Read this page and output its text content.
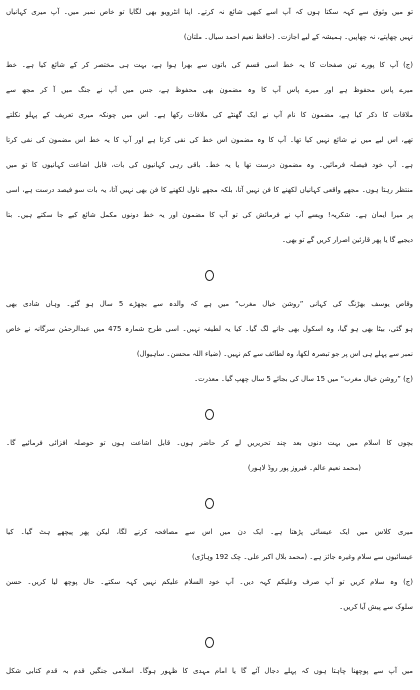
تو میں وثوق سے کہہ سکتا ہوں کہ آپ اسے کبھی شائع نہ کرتے۔ اپنا انٹرویو بھی لگایا تو خاص نمبر میں۔ آپ میری کہانیاں
نہیں چھاپتے، نہ چھاپیں۔ ہمیشہ کے لیے اجازت۔ (حافظ نعیم احمد سیال۔ ملتان)
(ج) آپ کا پورے تین صفحات کا یہ خط اسی قسم کی باتوں سے بھرا ہوا ہے، بہت ہی مختصر کر کے شائع کیا ہے۔ خط
میرے پاس محفوظ ہے اور میرے پاس آپ کا وہ مضمون بھی محفوظ ہے، جس میں آپ نے جنگ میں آ کر مجھ سے
ملاقات کا ذکر کیا ہے، مضمون کا نام آپ نے ایک گھنٹے کی ملاقات رکھا ہے۔ اس میں چونکہ میری تعریف کے پہلو نکلتے
تھے، اس لیے میں نے شائع نہیں کیا تھا۔ آپ کا وہ مضمون اس خط کی نفی کرتا ہے اور آپ کا یہ خط اس مضمون کی نفی کرتا
ہے۔ آپ خود فیصلہ فرمائیں۔ وہ مضمون درست تھا یا یہ خط۔ باقی رہی کہانیوں کی بات، قابل اشاعت کہانیوں کا تو میں
منتظر رہتا ہوں۔ مجھے واقعی کہانیاں لکھنے کا فن نہیں آتا، بلکہ مجھے ناول لکھنے کا فن بھی نہیں آتا، یہ بات سو فیصد درست ہے، اسی
پر میرا ایمان ہے۔ شکریہ! ویسے آپ نے فرمائش کی تو آپ کا مضمون اور یہ خط دونوں مکمل شائع کیے جا سکتے ہیں۔ بتا
دیجیے گا یا پھر قارئین اصرار کریں گے تو بھی۔
وقاص یوسف بھڑنگ کی کہانی ”روشن خیال مغرب“ میں ہے کہ والدہ سے بچھڑے 5 سال ہو گئے۔ وہاں شادی بھی
ہو گئی، بیٹا بھی ہو گیا، وہ اسکول بھی جانے لگ گیا۔ کیا یہ لطیفہ نہیں۔ اسی طرح شمارہ 475 میں عبدالرحمٰن سرگانہ نے خاص
نمبر سے پہلے ہی اس پر جو تبصرہ لکھا، وہ لطائف سے کم نہیں۔ (ضیاء اللہ محسن۔ ساہیوال)
(ج) ”روشن خیال مغرب“ میں 15 سال کی بجائے 5 سال چھپ گیا۔ معذرت۔
بچوں کا اسلام میں بہت دنوں بعد چند تحریریں لے کر حاضر ہوں۔ قابل اشاعت ہوں تو حوصلہ افزائی فرمائیے گا۔
(محمد نعیم عالم۔ فیروز پور روڈ لاہور)
میری کلاس میں ایک عیسائی پڑھتا ہے۔ ایک دن میں اس سے مصافحہ کرنے لگا، لیکن پھر پیچھے ہٹ گیا۔ کیا
عیسائیوں سے سلام وغیرہ جائز ہے۔ (محمد بلال اکبر علی۔ چک 192 وہاڑی)
(ج) وہ سلام کریں تو آپ صرف وعلیکم کہہ دیں۔ آپ خود السلام علیکم نہیں کہہ سکتے۔ حال پوچھ لیا کریں۔ حسن
سلوک سے پیش آیا کریں۔
میں آپ سے پوچھنا چاہتا ہوں کہ پہلے دجال آئے گا یا امام مہدی کا ظہور ہوگا۔ اسلامی جنگیں قدم بہ قدم کتابی شکل
